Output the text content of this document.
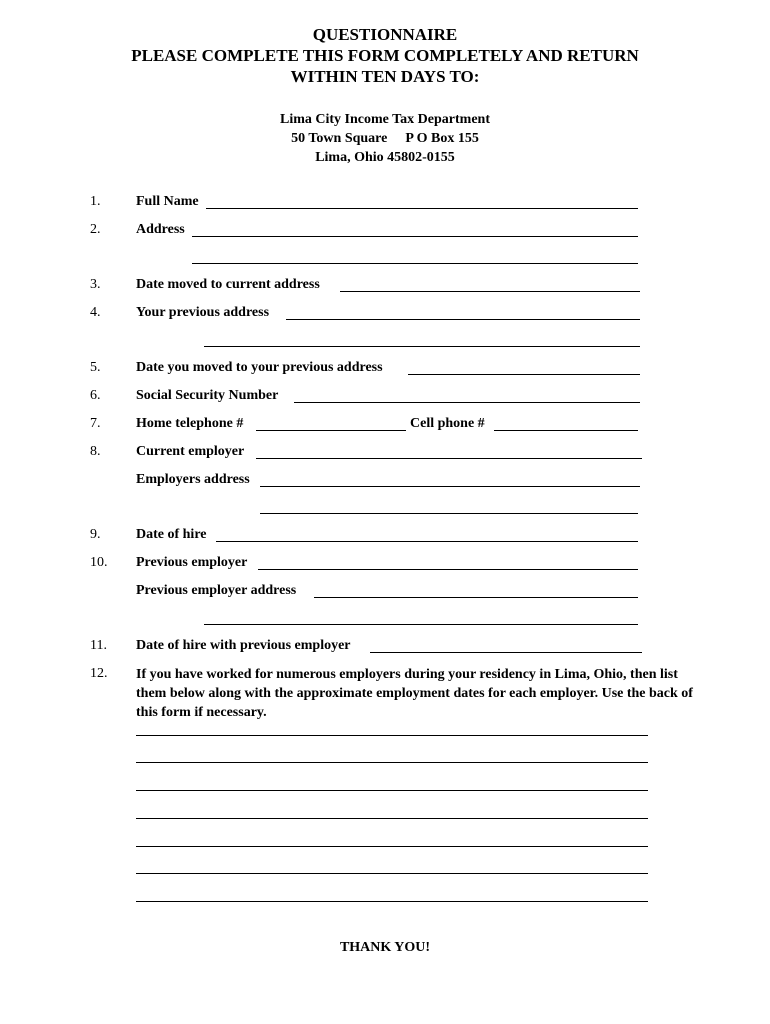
QUESTIONNAIRE
PLEASE COMPLETE THIS FORM COMPLETELY AND RETURN
WITHIN TEN DAYS TO:
Lima City Income Tax Department
50 Town Square P O Box 155
Lima, Ohio 45802-0155
1.	Full Name
2.	Address
3.	Date moved to current address
4.	Your previous address
5.	Date you moved to your previous address
6.	Social Security Number
7.	Home telephone #	Cell phone #
8.	Current employer
Employers address
9.	Date of hire
10.	Previous employer
Previous employer address
11.	Date of hire with previous employer
12.	If you have worked for numerous employers during your residency in Lima, Ohio, then list them below along with the approximate employment dates for each employer. Use the back of this form if necessary.
THANK YOU!
